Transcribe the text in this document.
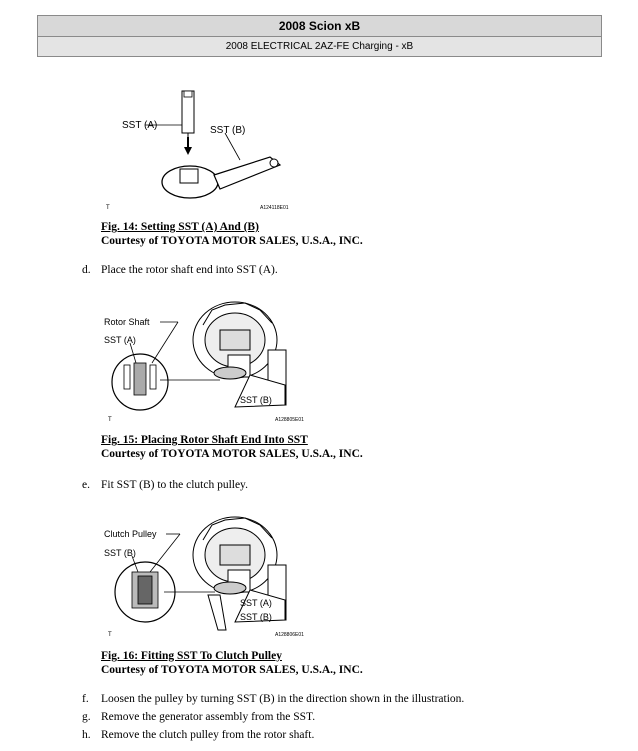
2008 Scion xB
2008 ELECTRICAL 2AZ-FE Charging - xB
SST (A)	SST (B)
T	A124118E01
Fig. 14: Setting SST (A) And (B)
Courtesy of TOYOTA MOTOR SALES, U.S.A., INC.
d. Place the rotor shaft end into SST (A).
Rotor Shaft
SST (A)
SST (B)
T	A128805E01
Fig. 15: Placing Rotor Shaft End Into SST
Courtesy of TOYOTA MOTOR SALES, U.S.A., INC.
e. Fit SST (B) to the clutch pulley.
Clutch Pulley
SST (B)
SST (A)
SST (B)
T	A128806E01
Fig. 16: Fitting SST To Clutch Pulley
Courtesy of TOYOTA MOTOR SALES, U.S.A., INC.
f. Loosen the pulley by turning SST (B) in the direction shown in the illustration.
g. Remove the generator assembly from the SST.
h. Remove the clutch pulley from the rotor shaft.
